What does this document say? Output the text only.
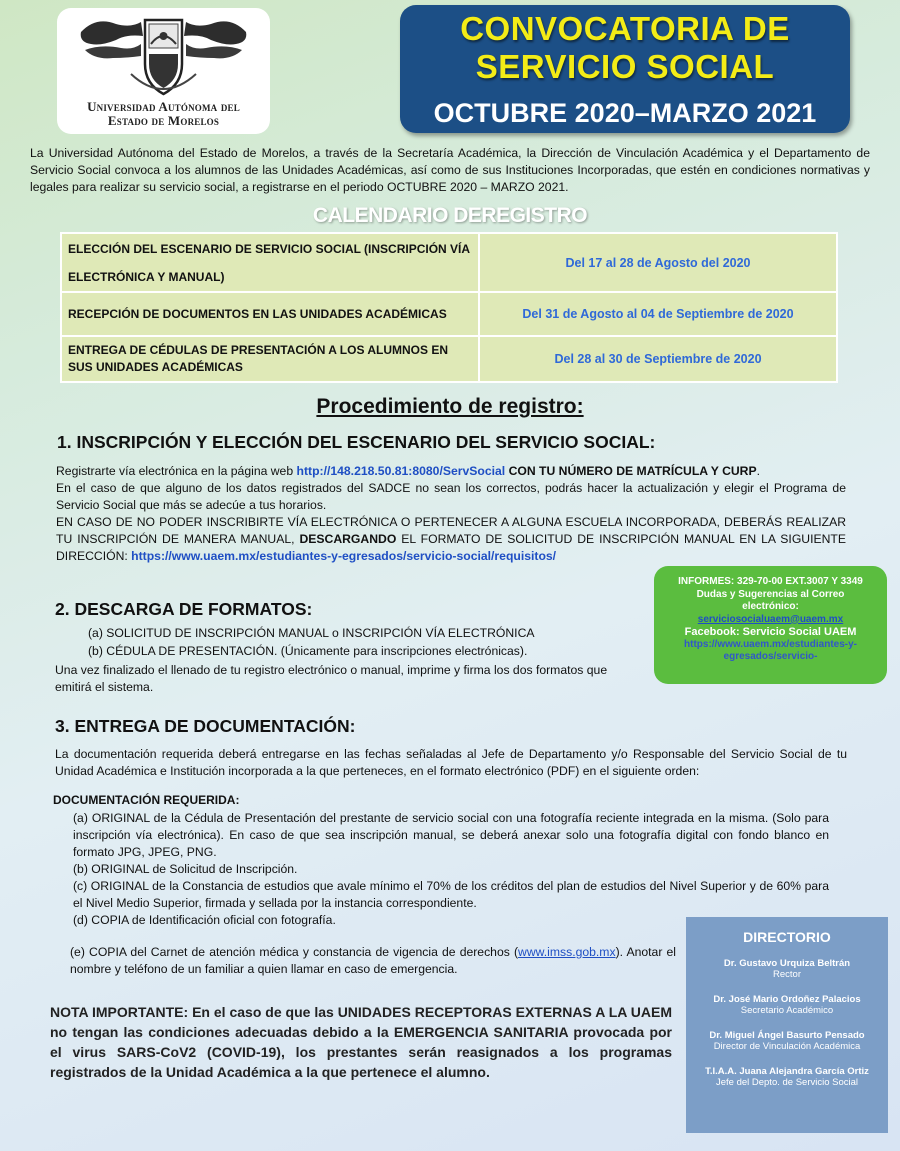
Universidad Autónoma del
Estado de Morelos
CONVOCATORIA DE
SERVICIO SOCIAL
OCTUBRE 2020–MARZO 2021
La Universidad Autónoma del Estado de Morelos, a través de la Secretaría Académica, la Dirección de Vinculación Académica y el Departamento de Servicio Social convoca a los alumnos de las Unidades Académicas, así como de sus Instituciones Incorporadas, que estén en condiciones normativas y legales para realizar su servicio social, a registrarse en el periodo OCTUBRE 2020 – MARZO 2021.
CALENDARIO DEREGISTRO
ELECCIÓN DEL ESCENARIO DE SERVICIO SOCIAL (INSCRIPCIÓN VÍA ELECTRÓNICA Y MANUAL)	Del 17 al 28 de Agosto del 2020
RECEPCIÓN DE DOCUMENTOS EN LAS UNIDADES ACADÉMICAS	Del 31 de Agosto al 04 de Septiembre de 2020
ENTREGA DE CÉDULAS DE PRESENTACIÓN A LOS ALUMNOS EN SUS UNIDADES ACADÉMICAS	Del 28 al 30 de Septiembre de 2020
Procedimiento de registro:
1. INSCRIPCIÓN Y ELECCIÓN DEL ESCENARIO DEL SERVICIO SOCIAL:
Registrarte vía electrónica en la página web http://148.218.50.81:8080/ServSocial CON TU NÚMERO DE MATRÍCULA Y CURP.
En el caso de que alguno de los datos registrados del SADCE no sean los correctos, podrás hacer la actualización y elegir el Programa de Servicio Social que más se adecúe a tus horarios.
EN CASO DE NO PODER INSCRIBIRTE VÍA ELECTRÓNICA O PERTENECER A ALGUNA ESCUELA INCORPORADA, DEBERÁS REALIZAR TU INSCRIPCIÓN DE MANERA MANUAL, DESCARGANDO EL FORMATO DE SOLICITUD DE INSCRIPCIÓN MANUAL EN LA SIGUIENTE DIRECCIÓN: https://www.uaem.mx/estudiantes-y-egresados/servicio-social/requisitos/
2. DESCARGA DE FORMATOS:
(a) SOLICITUD DE INSCRIPCIÓN MANUAL o INSCRIPCIÓN VÍA ELECTRÓNICA
(b) CÉDULA DE PRESENTACIÓN. (Únicamente para inscripciones electrónicas).
Una vez finalizado el llenado de tu registro electrónico o manual, imprime y firma los dos formatos que emitirá el sistema.
INFORMES: 329-70-00 EXT.3007 Y 3349
Dudas y Sugerencias al Correo electrónico:
serviciosocialuaem@uaem.mx
Facebook: Servicio Social UAEM
https://www.uaem.mx/estudiantes-y-egresados/servicio-
3. ENTREGA DE DOCUMENTACIÓN:
La documentación requerida deberá entregarse en las fechas señaladas al Jefe de Departamento y/o Responsable del Servicio Social de tu Unidad Académica e Institución incorporada a la que perteneces, en el formato electrónico (PDF) en el siguiente orden:
DOCUMENTACIÓN REQUERIDA:
(a) ORIGINAL de la Cédula de Presentación del prestante de servicio social con una fotografía reciente integrada en la misma. (Solo para inscripción vía electrónica). En caso de que sea inscripción manual, se deberá anexar solo una fotografía digital con fondo blanco en formato JPG, JPEG, PNG.
(b) ORIGINAL de Solicitud de Inscripción.
(c) ORIGINAL de la Constancia de estudios que avale mínimo el 70% de los créditos del plan de estudios del Nivel Superior y de 60% para el Nivel Medio Superior, firmada y sellada por la instancia correspondiente.
(d) COPIA de Identificación oficial con fotografía.
(e) COPIA del Carnet de atención médica y constancia de vigencia de derechos (www.imss.gob.mx). Anotar el nombre y teléfono de un familiar a quien llamar en caso de emergencia.
NOTA IMPORTANTE: En el caso de que las UNIDADES RECEPTORAS EXTERNAS A LA UAEM no tengan las condiciones adecuadas debido a la EMERGENCIA SANITARIA provocada por el virus SARS-CoV2 (COVID-19), los prestantes serán reasignados a los programas registrados de la Unidad Académica a la que pertenece el alumno.
DIRECTORIO
Dr. Gustavo Urquiza Beltrán
Rector
Dr. José Mario Ordoñez Palacios
Secretario Académico
Dr. Miguel Ángel Basurto Pensado
Director de Vinculación Académica
T.I.A.A. Juana Alejandra García Ortiz
Jefe del Depto. de Servicio Social
